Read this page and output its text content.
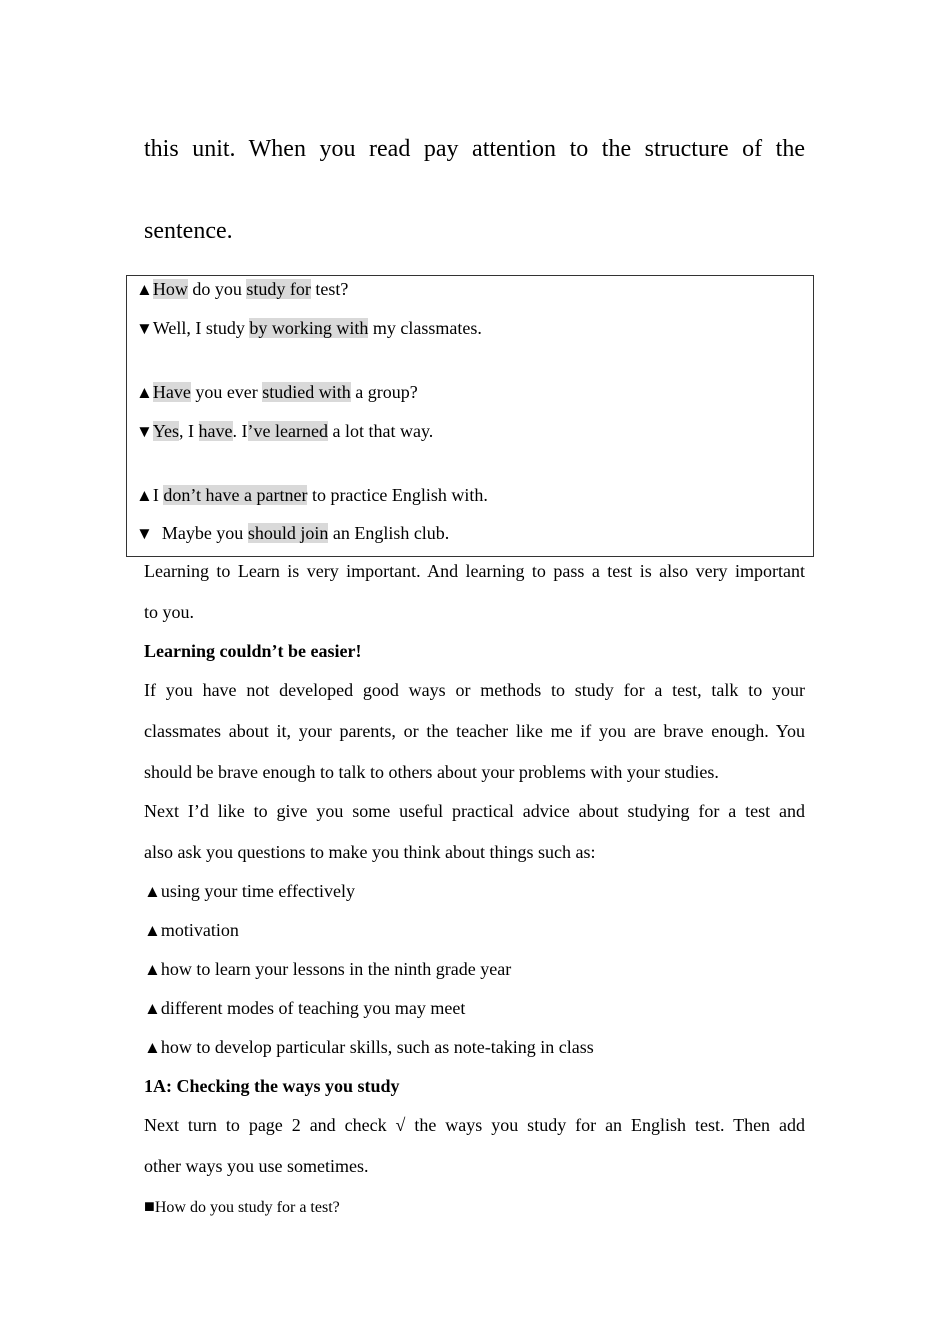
this unit. When you read pay attention to the structure of the
sentence.
▲How do you study for test?
▼Well, I study by working with my classmates.
▲Have you ever studied with a group?
▼Yes, I have. I’ve learned a lot that way.
▲I don’t have a partner to practice English with.
▼  Maybe you should join an English club.
Learning to Learn is very important. And learning to pass a test is also very important
to you.
Learning couldn’t be easier!
If you have not developed good ways or methods to study for a test, talk to your
classmates about it, your parents, or the teacher like me if you are brave enough. You
should be brave enough to talk to others about your problems with your studies.
Next I’d like to give you some useful practical advice about studying for a test and
also ask you questions to make you think about things such as:
▲using your time effectively
▲motivation
▲how to learn your lessons in the ninth grade year
▲different modes of teaching you may meet
▲how to develop particular skills, such as note-taking in class
1A: Checking the ways you study
Next turn to page 2 and check √ the ways you study for an English test. Then add
other ways you use sometimes.
■How do you study for a test?
